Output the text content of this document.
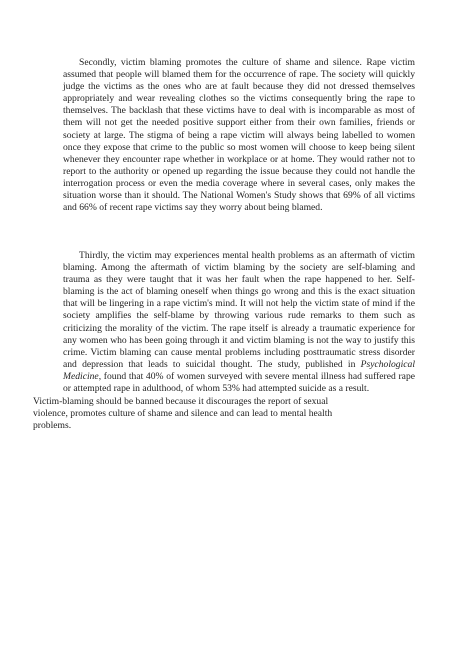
Secondly, victim blaming promotes the culture of shame and silence. Rape victim assumed that people will blamed them for the occurrence of rape. The society will quickly judge the victims as the ones who are at fault because they did not dressed themselves appropriately and wear revealing clothes so the victims consequently bring the rape to themselves. The backlash that these victims have to deal with is incomparable as most of them will not get the needed positive support either from their own families, friends or society at large. The stigma of being a rape victim will always being labelled to women once they expose that crime to the public so most women will choose to keep being silent whenever they encounter rape whether in workplace or at home. They would rather not to report to the authority or opened up regarding the issue because they could not handle the interrogation process or even the media coverage where in several cases, only makes the situation worse than it should. The National Women's Study shows that 69% of all victims and 66% of recent rape victims say they worry about being blamed.

Thirdly, the victim may experiences mental health problems as an aftermath of victim blaming. Among the aftermath of victim blaming by the society are self-blaming and trauma as they were taught that it was her fault when the rape happened to her. Self-blaming is the act of blaming oneself when things go wrong and this is the exact situation that will be lingering in a rape victim's mind. It will not help the victim state of mind if the society amplifies the self-blame by throwing various rude remarks to them such as criticizing the morality of the victim. The rape itself is already a traumatic experience for any women who has been going through it and victim blaming is not the way to justify this crime. Victim blaming can cause mental problems including posttraumatic stress disorder and depression that leads to suicidal thought. The study, published in Psychological Medicine, found that 40% of women surveyed with severe mental illness had suffered rape or attempted rape in adulthood, of whom 53% had attempted suicide as a result.

Victim-blaming should be banned because it discourages the report of sexual violence, promotes culture of shame and silence and can lead to mental health problems.
